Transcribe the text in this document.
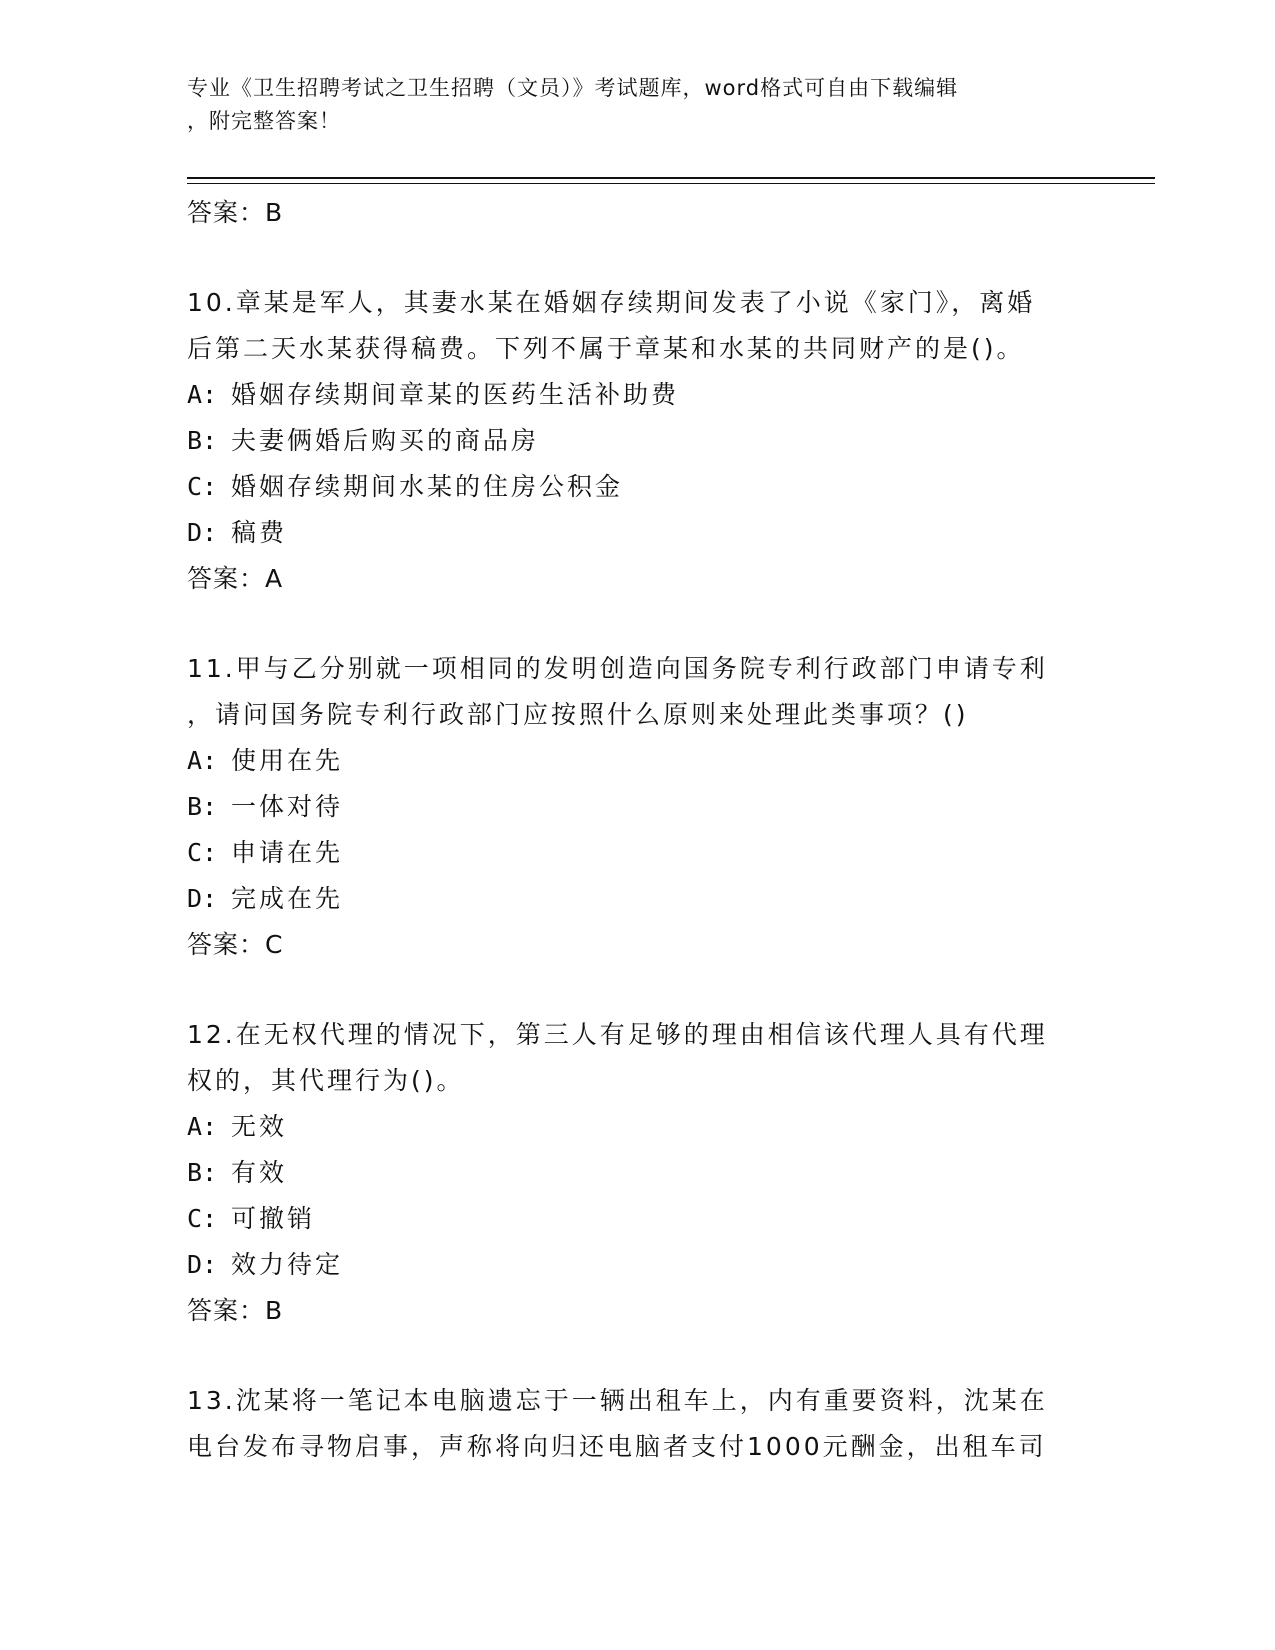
专业《卫生招聘考试之卫生招聘（文员）》考试题库，word格式可自由下载编辑
，附完整答案！
答案：B
10.章某是军人，其妻水某在婚姻存续期间发表了小说《家门》，离婚
后第二天水某获得稿费。下列不属于章某和水某的共同财产的是()。
A: 婚姻存续期间章某的医药生活补助费
B: 夫妻俩婚后购买的商品房
C: 婚姻存续期间水某的住房公积金
D: 稿费
答案：A
11.甲与乙分别就一项相同的发明创造向国务院专利行政部门申请专利
，请问国务院专利行政部门应按照什么原则来处理此类事项？()
A: 使用在先
B: 一体对待
C: 申请在先
D: 完成在先
答案：C
12.在无权代理的情况下，第三人有足够的理由相信该代理人具有代理
权的，其代理行为()。
A: 无效
B: 有效
C: 可撤销
D: 效力待定
答案：B
13.沈某将一笔记本电脑遗忘于一辆出租车上，内有重要资料，沈某在
电台发布寻物启事，声称将向归还电脑者支付1000元酬金，出租车司
